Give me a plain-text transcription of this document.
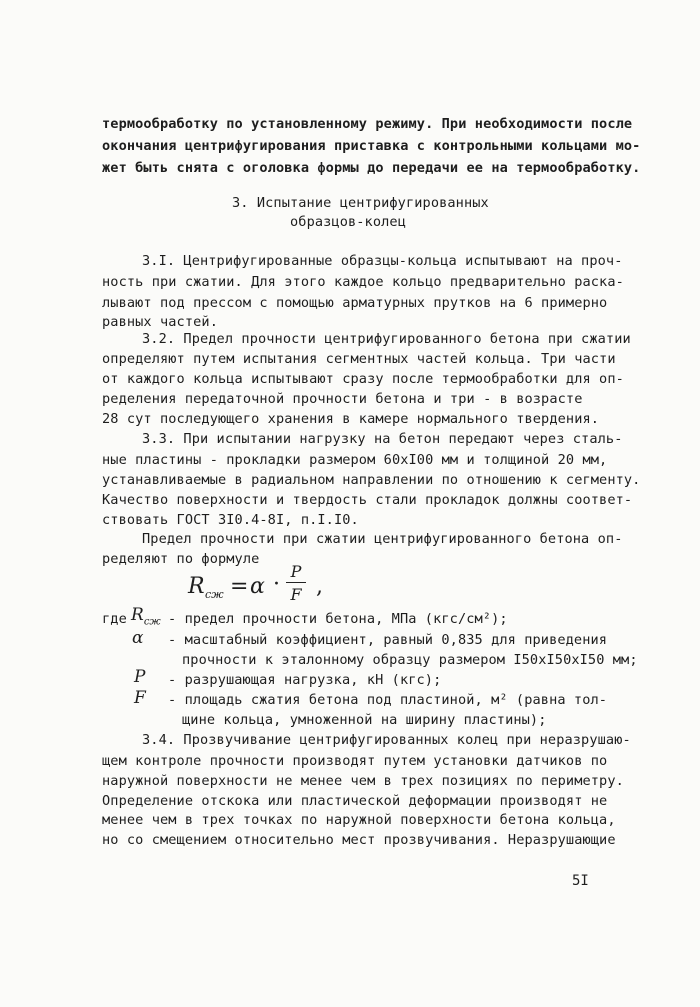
термообработку по установленному режиму. При необходимости после
окончания центрифугирования приставка с контрольными кольцами мо-
жет быть снята с оголовка формы до передачи ее на термообработку.
3. Испытание центрифугированных
образцов-колец
3.I. Центрифугированные образцы-кольца испытывают на проч-
ность при сжатии. Для этого каждое кольцо предварительно раска-
лывают под прессом с помощью арматурных прутков на 6 примерно
равных частей.
3.2. Предел прочности центрифугированного бетона при сжатии
определяют путем испытания сегментных частей кольца. Три части
от каждого кольца испытывают сразу после термообработки для оп-
ределения передаточной прочности бетона и три - в возрасте
28 сут последующего хранения в камере нормального твердения.
3.3. При испытании нагрузку на бетон передают через сталь-
ные пластины - прокладки размером 60хI00 мм и толщиной 20 мм,
устанавливаемые в радиальном направлении по отношению к сегменту.
Качество поверхности и твердость стали прокладок должны соответ-
ствовать ГОСТ 3I0.4-8I, п.I.I0.
Предел прочности при сжатии центрифугированного бетона оп-
ределяют по формуле
R сж = α ·
P
F ,
где $R_{сж}$ - предел прочности бетона, МПа (кгс/см²);
α - масштабный коэффициент, равный 0,835 для приведения
прочности к эталонному образцу размером I50хI50хI50 мм;
P - разрушающая нагрузка, кН (кгс);
F - площадь сжатия бетона под пластиной, м² (равна тол-
щине кольца, умноженной на ширину пластины);
3.4. Прозвучивание центрифугированных колец при неразрушаю-
щем контроле прочности производят путем установки датчиков по
наружной поверхности не менее чем в трех позициях по периметру.
Определение отскока или пластической деформации производят не
менее чем в трех точках по наружной поверхности бетона кольца,
но со смещением относительно мест прозвучивания. Неразрушающие
5I
